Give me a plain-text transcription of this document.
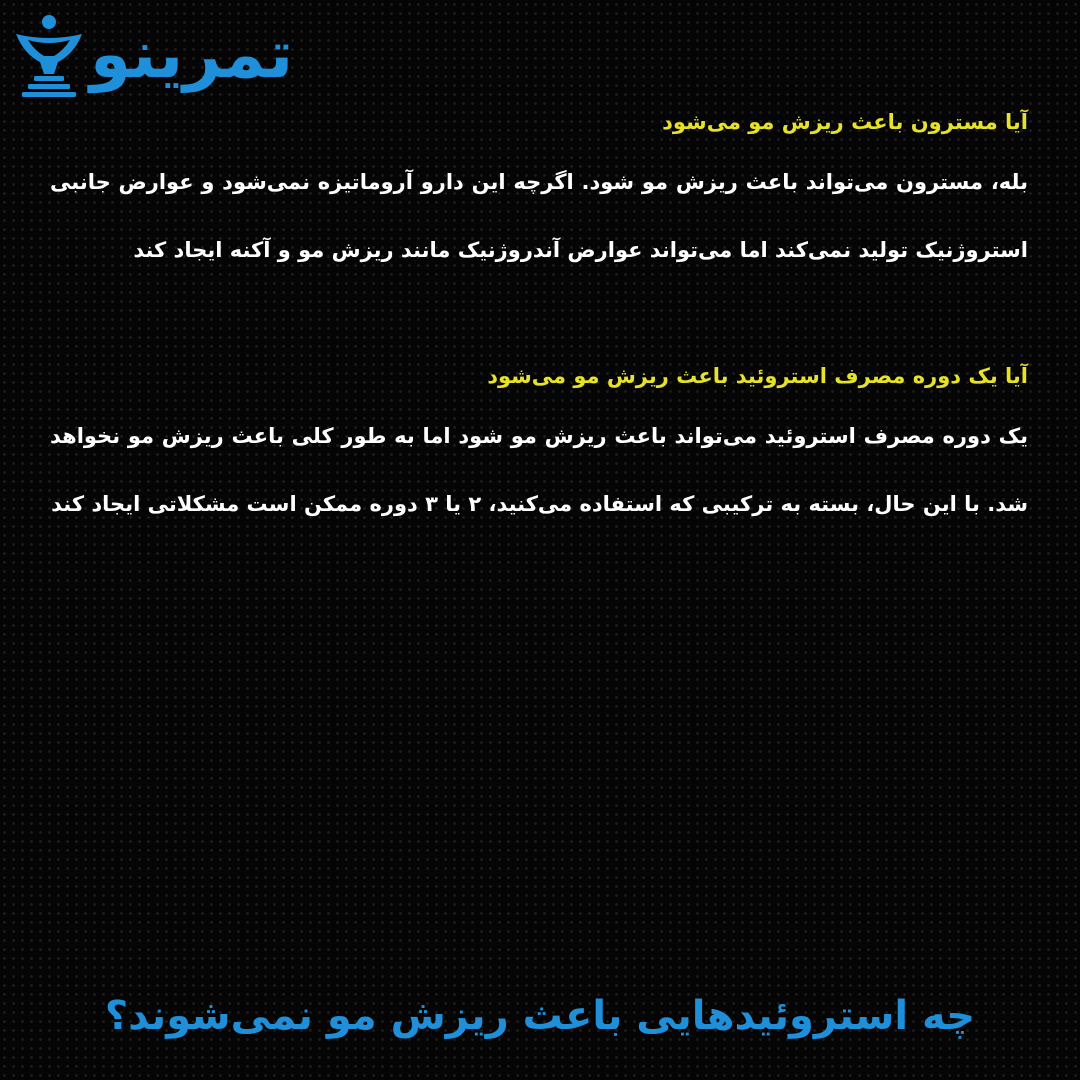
تمرینو

آیا مسترون باعث ریزش مو می‌شود

بله، مسترون می‌تواند باعث ریزش مو شود. اگرچه این دارو آروماتیزه نمی‌شود و عوارض جانبی استروژنیک تولید نمی‌کند اما می‌تواند عوارض آندروژنیک مانند ریزش مو و آکنه ایجاد کند

آیا یک دوره مصرف استروئید باعث ریزش مو می‌شود

یک دوره مصرف استروئید می‌تواند باعث ریزش مو شود اما به طور کلی باعث ریزش مو نخواهد شد. با این حال، بسته به ترکیبی که استفاده می‌کنید، ۲ یا ۳ دوره ممکن است مشکلاتی ایجاد کند

چه استروئیدهایی باعث ریزش مو نمی‌شوند؟
